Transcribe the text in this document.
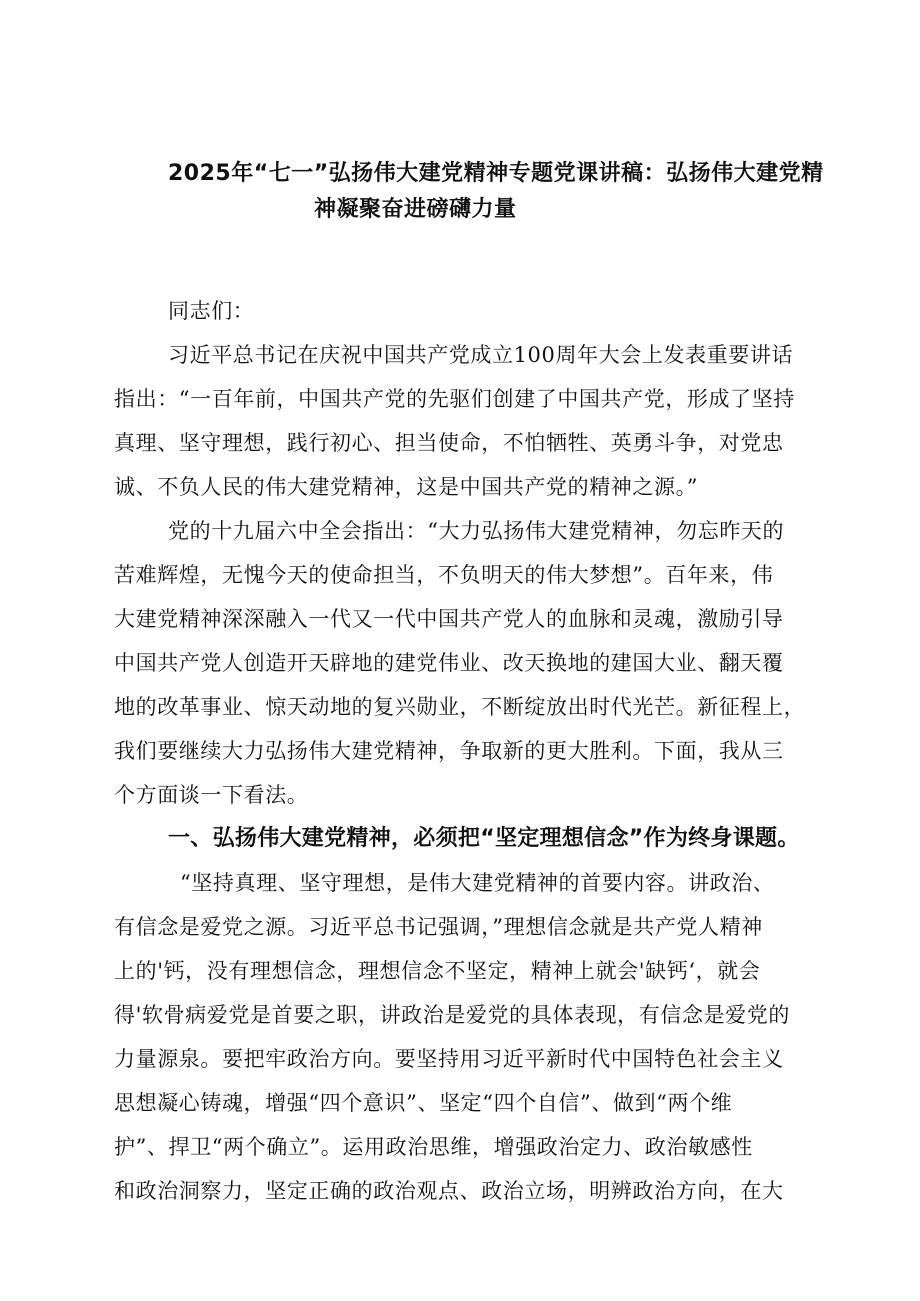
2025年“七一”弘扬伟大建党精神专题党课讲稿：弘扬伟大建党精
神凝聚奋进磅礴力量

同志们：

习近平总书记在庆祝中国共产党成立100周年大会上发表重要讲话

指出：“一百年前，中国共产党的先驱们创建了中国共产党，形成了坚持

真理、坚守理想，践行初心、担当使命，不怕牺牲、英勇斗争，对党忠

诚、不负人民的伟大建党精神，这是中国共产党的精神之源。”

党的十九届六中全会指出：“大力弘扬伟大建党精神，勿忘昨天的

苦难辉煌，无愧今天的使命担当，不负明天的伟大梦想”。百年来，伟

大建党精神深深融入一代又一代中国共产党人的血脉和灵魂，激励引导

中国共产党人创造开天辟地的建党伟业、改天换地的建国大业、翻天覆

地的改革事业、惊天动地的复兴勋业，不断绽放出时代光芒。新征程上，

我们要继续大力弘扬伟大建党精神，争取新的更大胜利。下面，我从三

个方面谈一下看法。

一、弘扬伟大建党精神，必须把“坚定理想信念”作为终身课题。

“坚持真理、坚守理想，是伟大建党精神的首要内容。讲政治、

有信念是爱党之源。习近平总书记强调，”理想信念就是共产党人精神

上的'钙，没有理想信念，理想信念不坚定，精神上就会'缺钙‘，就会

得'软骨病爱党是首要之职，讲政治是爱党的具体表现，有信念是爱党的

力量源泉。要把牢政治方向。要坚持用习近平新时代中国特色社会主义

思想凝心铸魂，增强“四个意识”、坚定“四个自信”、做到“两个维

护”、捍卫“两个确立”。运用政治思维，增强政治定力、政治敏感性

和政治洞察力，坚定正确的政治观点、政治立场，明辨政治方向，在大
